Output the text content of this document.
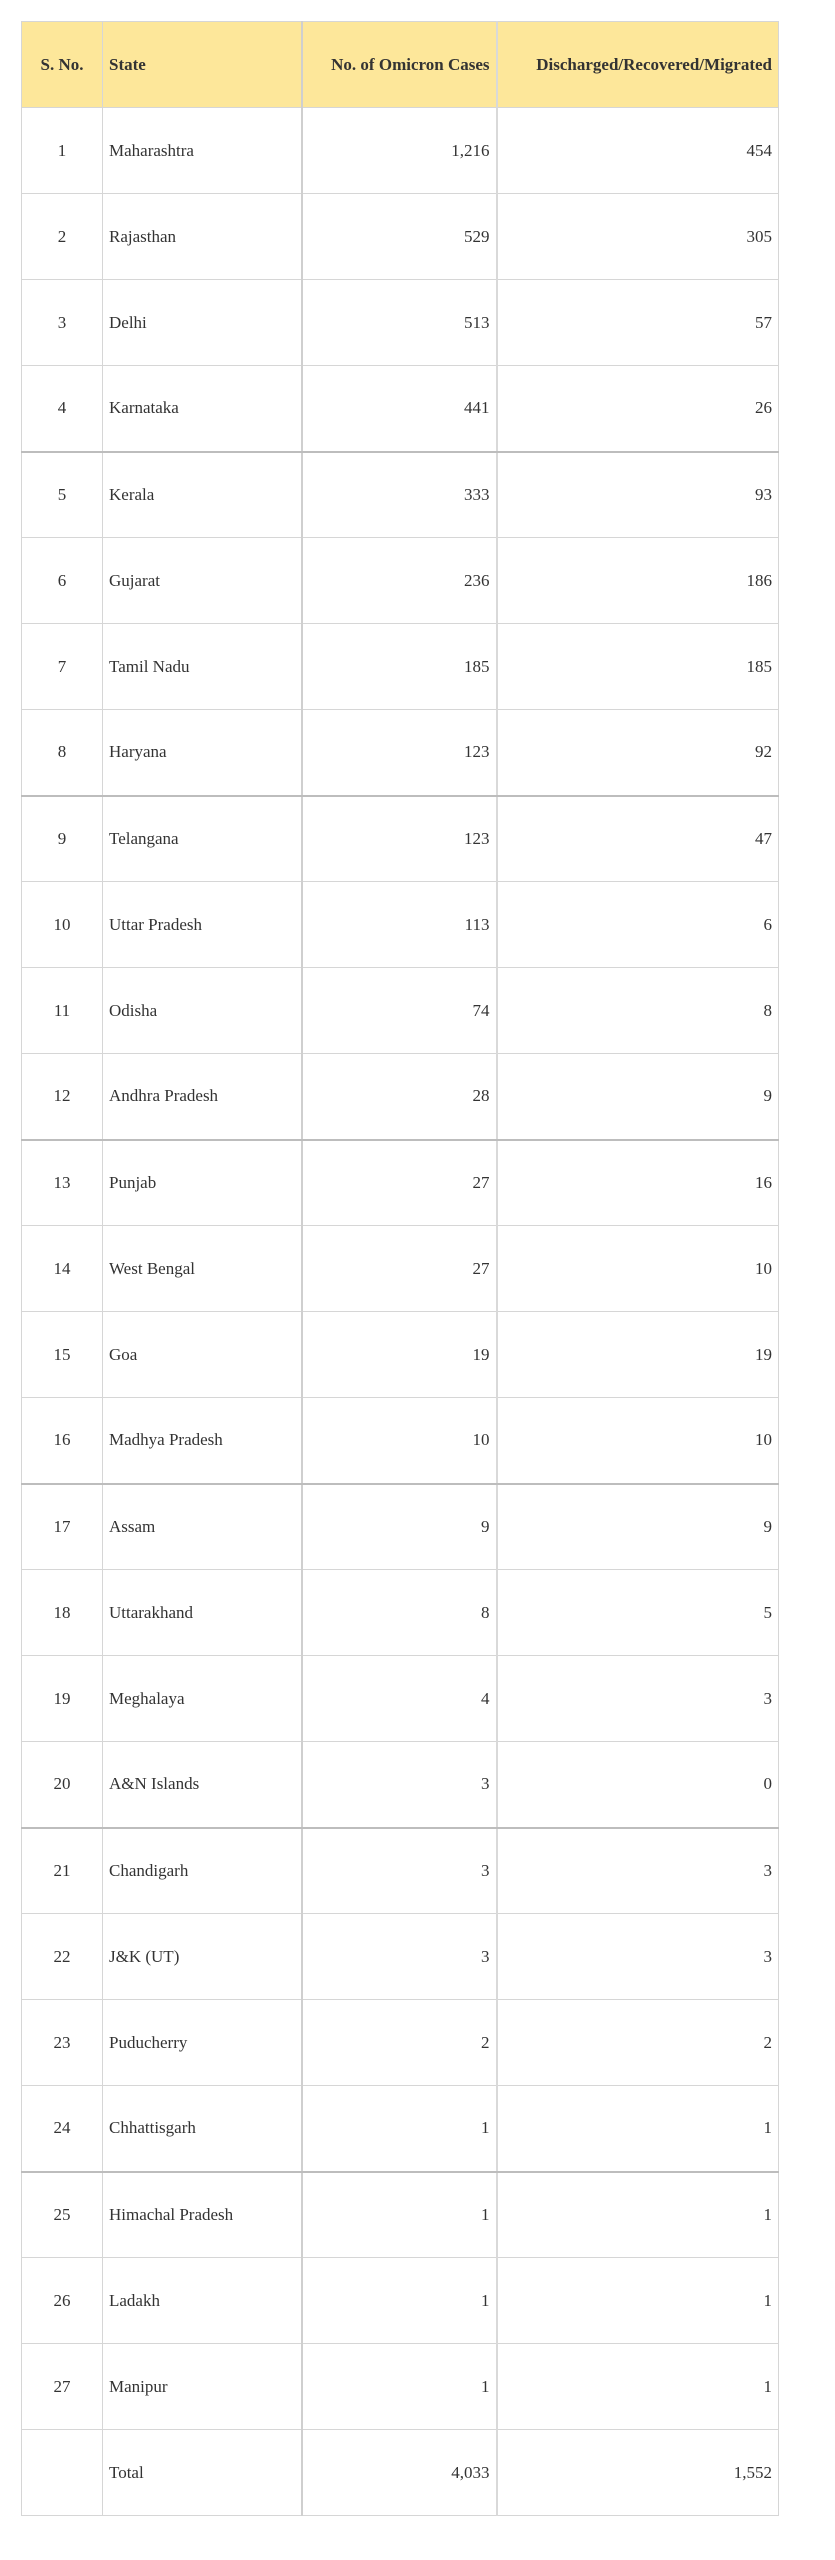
S. No.	State	No. of Omicron Cases	Discharged/Recovered/Migrated
1	Maharashtra	1,216	454
2	Rajasthan	529	305
3	Delhi	513	57
4	Karnataka	441	26
5	Kerala	333	93
6	Gujarat	236	186
7	Tamil Nadu	185	185
8	Haryana	123	92
9	Telangana	123	47
10	Uttar Pradesh	113	6
11	Odisha	74	8
12	Andhra Pradesh	28	9
13	Punjab	27	16
14	West Bengal	27	10
15	Goa	19	19
16	Madhya Pradesh	10	10
17	Assam	9	9
18	Uttarakhand	8	5
19	Meghalaya	4	3
20	A&N Islands	3	0
21	Chandigarh	3	3
22	J&K (UT)	3	3
23	Puducherry	2	2
24	Chhattisgarh	1	1
25	Himachal Pradesh	1	1
26	Ladakh	1	1
27	Manipur	1	1
	Total	4,033	1,552
